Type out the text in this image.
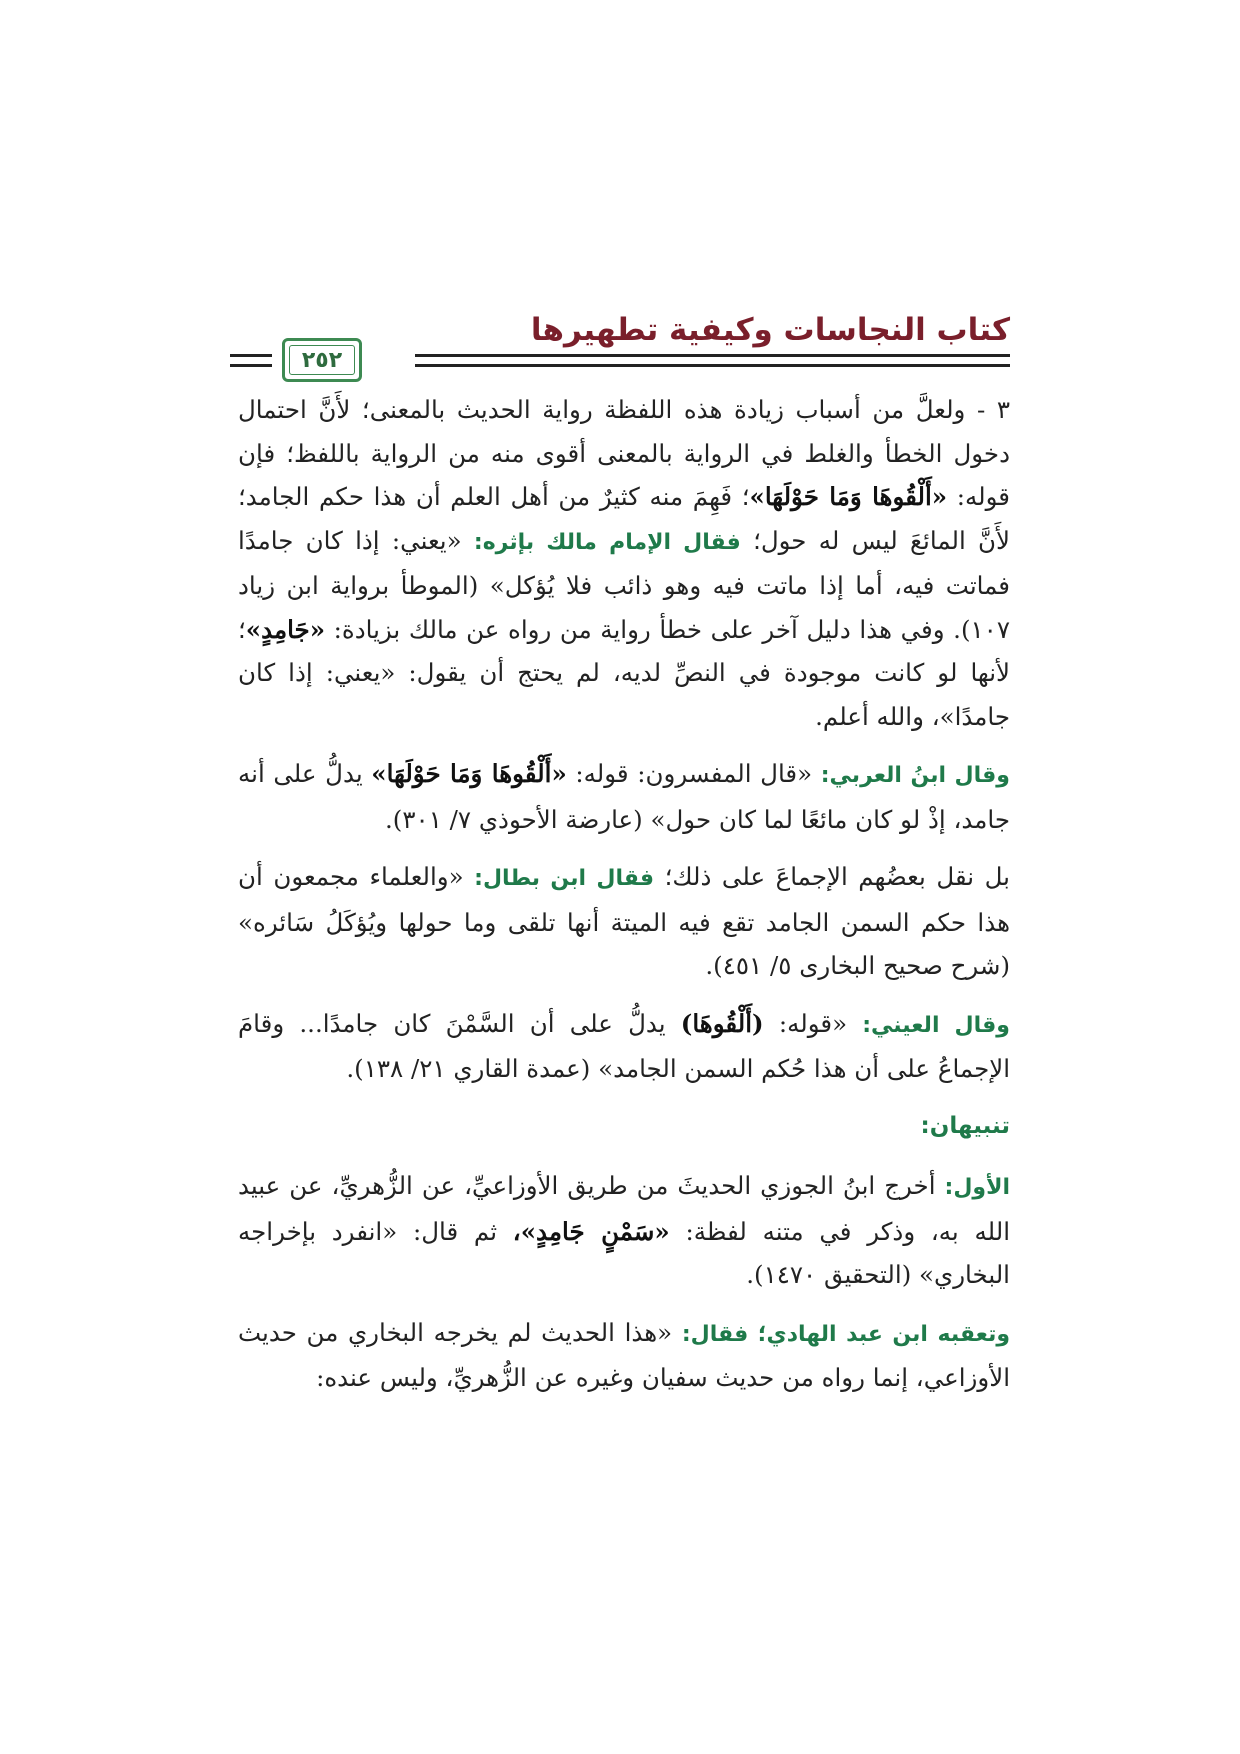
كتاب النجاسات وكيفية تطهيرها
٢٥٢

٣ - ولعلَّ من أسباب زيادة هذه اللفظة رواية الحديث بالمعنى؛ لأَنَّ احتمال دخول الخطأ والغلط في الرواية بالمعنى أقوى منه من الرواية باللفظ؛ فإن قوله: «أَلْقُوهَا وَمَا حَوْلَهَا»؛ فَهِمَ منه كثيرٌ من أهل العلم أن هذا حكم الجامد؛ لأَنَّ المائعَ ليس له حول؛ فقال الإمام مالك بإثره: «يعني: إذا كان جامدًا فماتت فيه، أما إذا ماتت فيه وهو ذائب فلا يُؤكل» (الموطأ برواية ابن زياد ١٠٧). وفي هذا دليل آخر على خطأ رواية من رواه عن مالك بزيادة: «جَامِدٍ»؛ لأنها لو كانت موجودة في النصِّ لديه، لم يحتج أن يقول: «يعني: إذا كان جامدًا»، والله أعلم.

وقال ابنُ العربي: «قال المفسرون: قوله: «أَلْقُوهَا وَمَا حَوْلَهَا» يدلُّ على أنه جامد، إذْ لو كان مائعًا لما كان حول» (عارضة الأحوذي ٧/ ٣٠١).

بل نقل بعضُهم الإجماعَ على ذلك؛ فقال ابن بطال: «والعلماء مجمعون أن هذا حكم السمن الجامد تقع فيه الميتة أنها تلقى وما حولها ويُؤكَلُ سَائره» (شرح صحيح البخارى ٥/ ٤٥١).

وقال العيني: «قوله: (أَلْقُوهَا) يدلُّ على أن السَّمْنَ كان جامدًا... وقامَ الإجماعُ على أن هذا حُكم السمن الجامد» (عمدة القاري ٢١/ ١٣٨).

تنبيهان:

الأول: أخرج ابنُ الجوزي الحديثَ من طريق الأوزاعيِّ، عن الزُّهريِّ، عن عبيد الله به، وذكر في متنه لفظة: «سَمْنٍ جَامِدٍ»، ثم قال: «انفرد بإخراجه البخاري» (التحقيق ١٤٧٠).

وتعقبه ابن عبد الهادي؛ فقال: «هذا الحديث لم يخرجه البخاري من حديث الأوزاعي، إنما رواه من حديث سفيان وغيره عن الزُّهريِّ، وليس عنده:
